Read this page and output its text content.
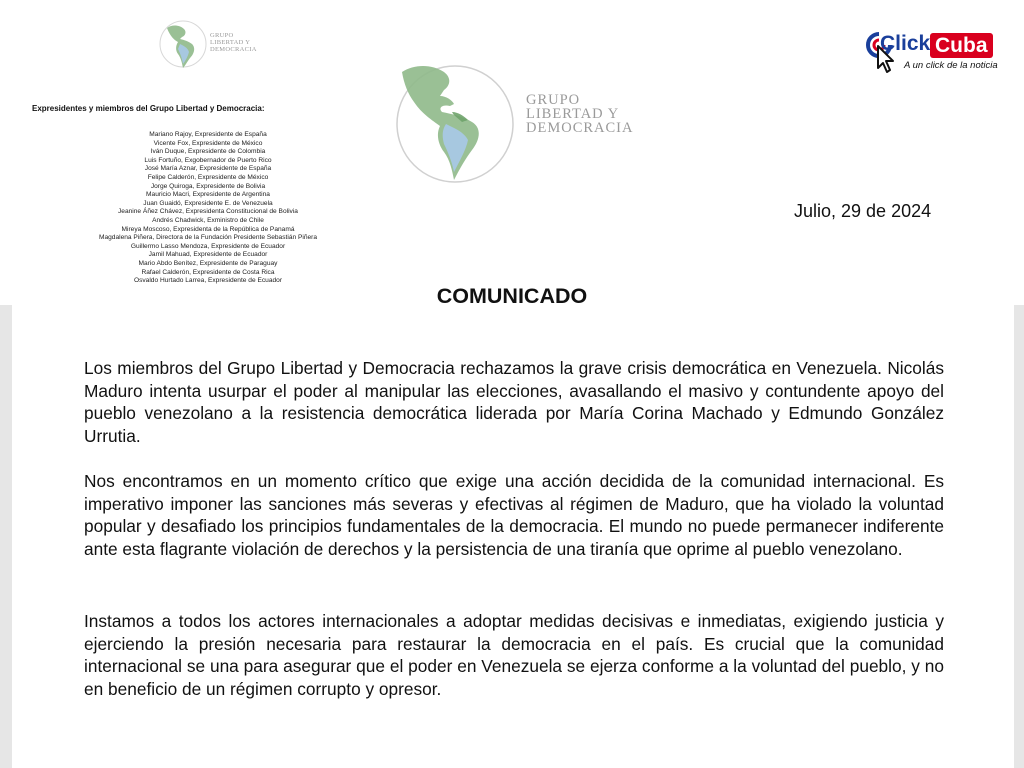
GRUPO
LIBERTAD Y
DEMOCRACIA
Expresidentes y miembros del Grupo Libertad y Democracia:
Mariano Rajoy, Expresidente de España
Vicente Fox, Expresidente de México
Iván Duque, Expresidente de Colombia
Luis Fortuño, Exgobernador de Puerto Rico
José María Aznar, Expresidente de España
Felipe Calderón, Expresidente de México
Jorge Quiroga, Expresidente de Bolivia
Mauricio Macri, Expresidente de Argentina
Juan Guaidó, Expresidente E. de Venezuela
Jeanine Áñez Chávez, Expresidenta Constitucional de Bolivia
Andrés Chadwick, Exministro de Chile
Mireya Moscoso, Expresidenta de la República de Panamá
Magdalena Piñera, Directora de la Fundación Presidente Sebastián Piñera
Guillermo Lasso Mendoza, Expresidente de Ecuador
Jamil Mahuad, Expresidente de Ecuador
Mario Abdo Benítez, Expresidente de Paraguay
Rafael Calderón, Expresidente de Costa Rica
Osvaldo Hurtado Larrea, Expresidente de Ecuador
GRUPO
LIBERTAD Y
DEMOCRACIA
Click Cuba
A un click de la noticia
Julio, 29 de 2024
COMUNICADO
Los miembros del Grupo Libertad y Democracia rechazamos la grave crisis democrática en Venezuela. Nicolás Maduro intenta usurpar el poder al manipular las elecciones, avasallando el masivo y contundente apoyo del pueblo venezolano a la resistencia democrática liderada por María Corina Machado y Edmundo González Urrutia.
Nos encontramos en un momento crítico que exige una acción decidida de la comunidad internacional. Es imperativo imponer las sanciones más severas y efectivas al régimen de Maduro, que ha violado la voluntad popular y desafiado los principios fundamentales de la democracia. El mundo no puede permanecer indiferente ante esta flagrante violación de derechos y la persistencia de una tiranía que oprime al pueblo venezolano.
Instamos a todos los actores internacionales a adoptar medidas decisivas e inmediatas, exigiendo justicia y ejerciendo la presión necesaria para restaurar la democracia en el país. Es crucial que la comunidad internacional se una para asegurar que el poder en Venezuela se ejerza conforme a la voluntad del pueblo, y no en beneficio de un régimen corrupto y opresor.
